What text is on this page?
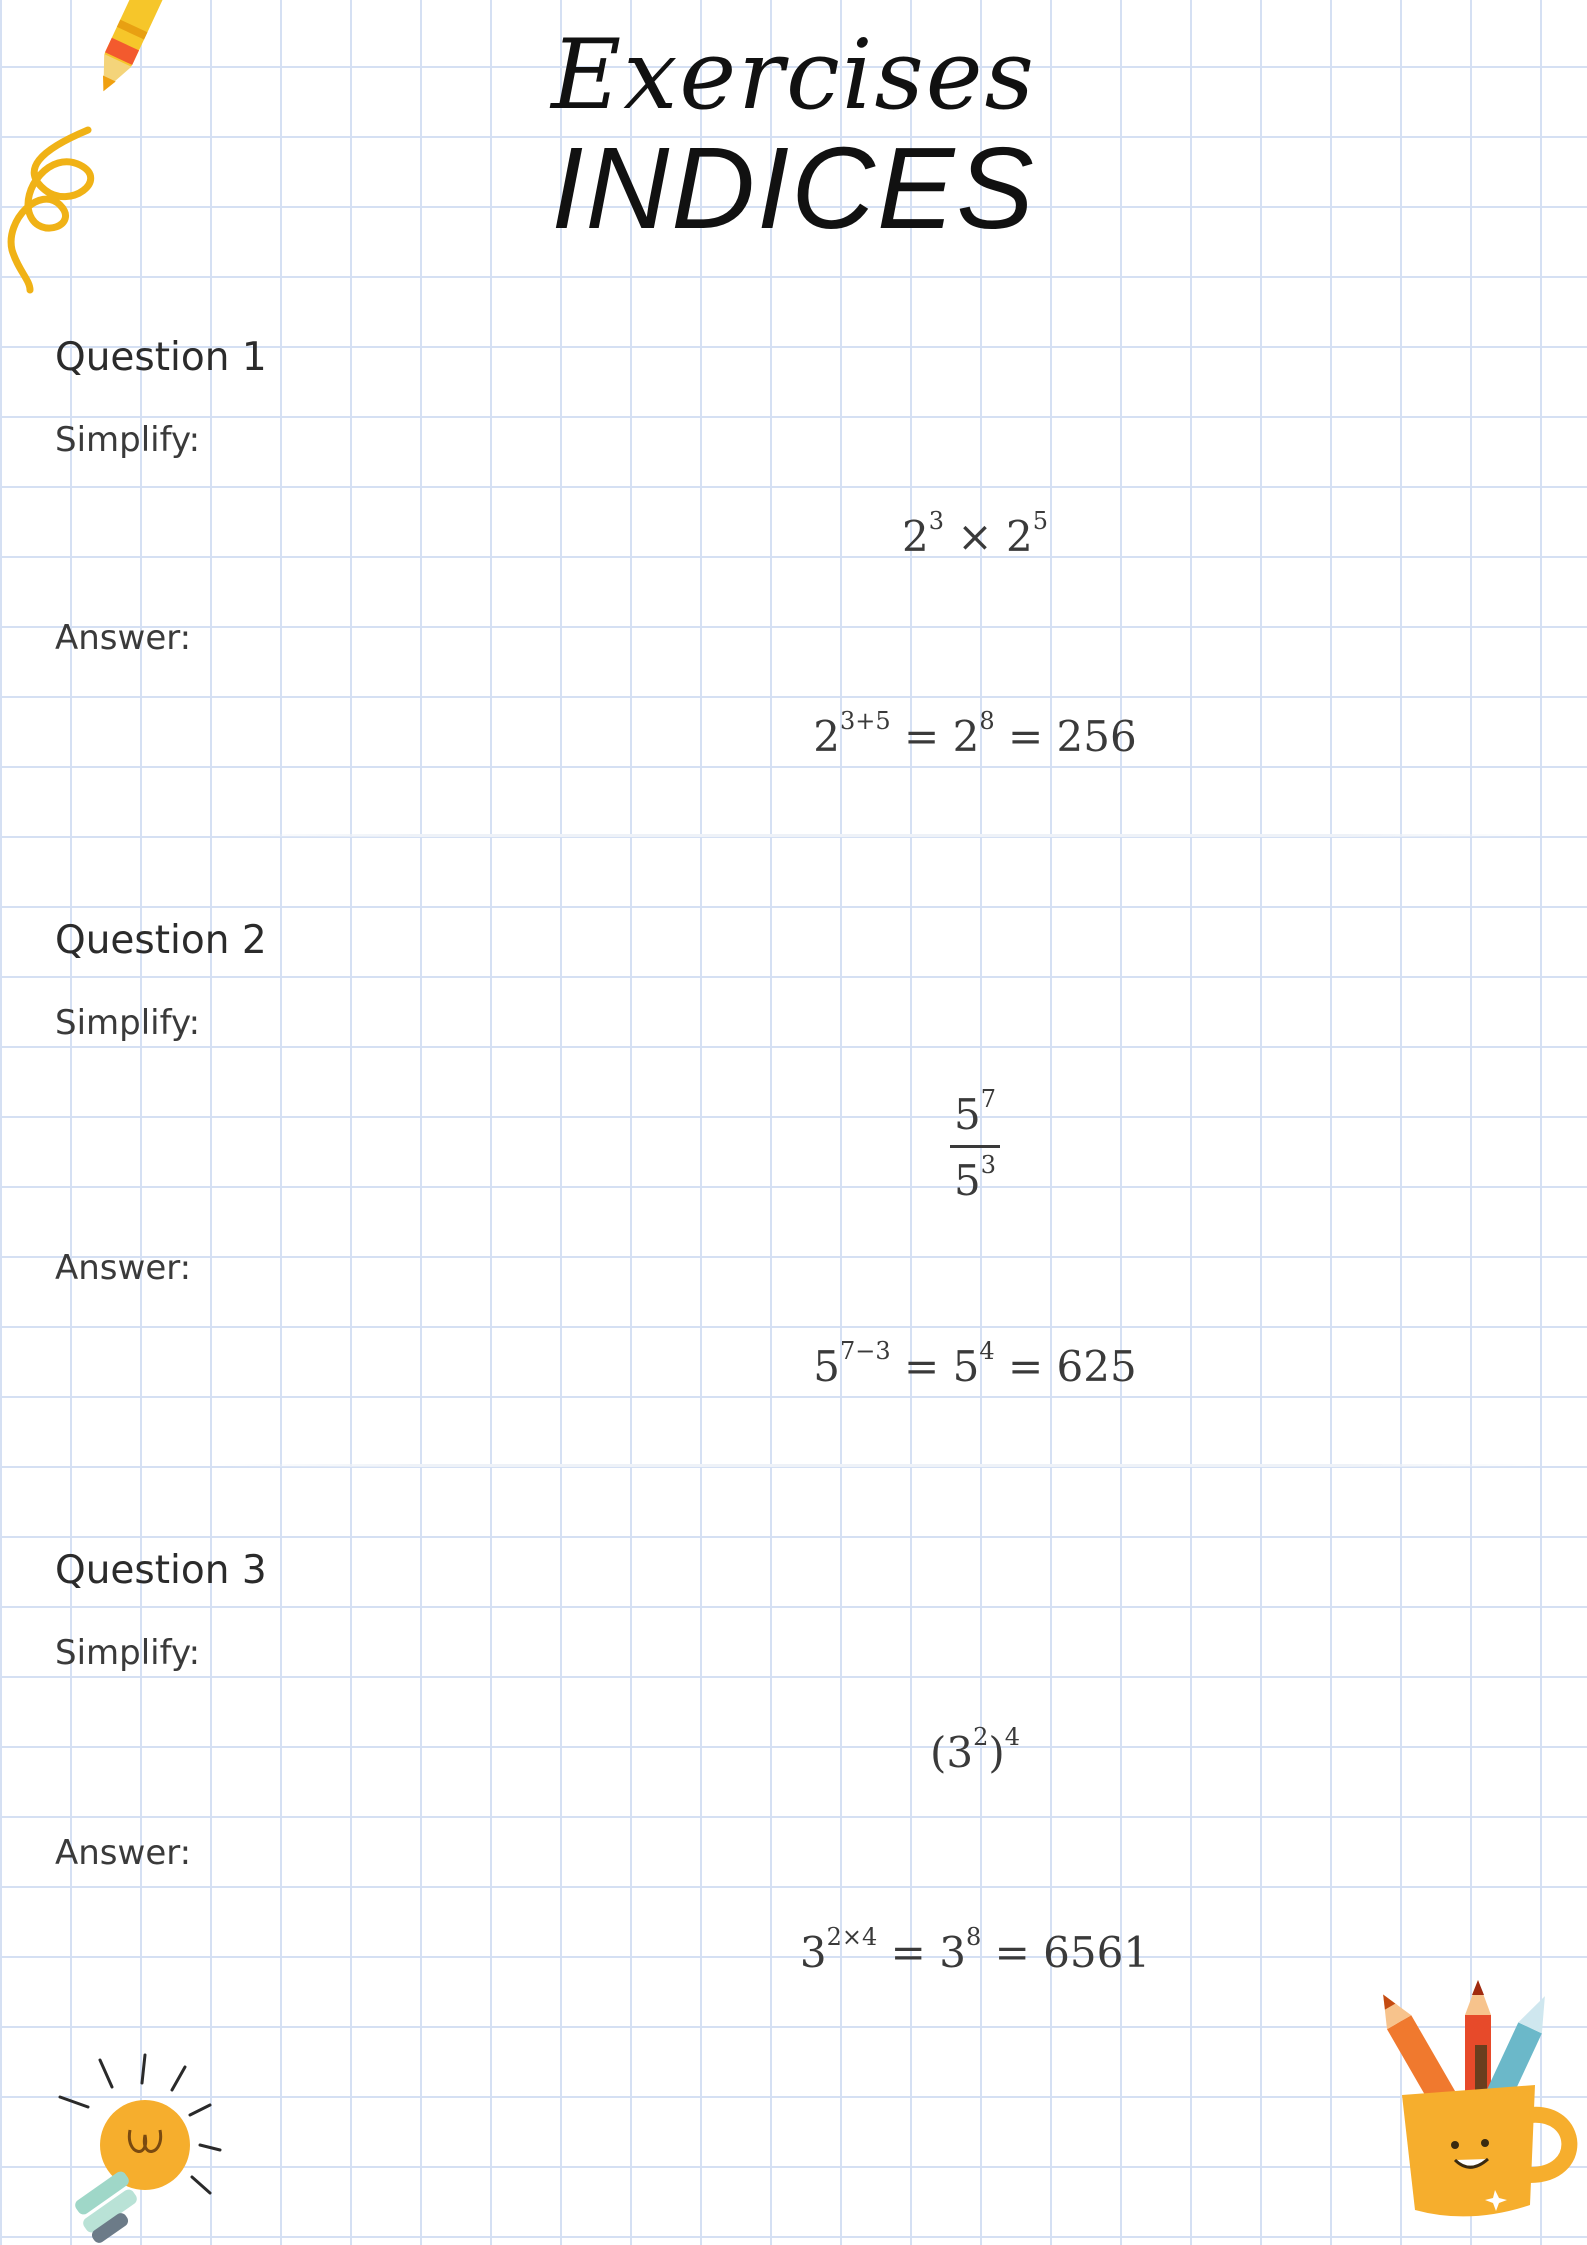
Exercises
INDICES
Question 1
Simplify:
$2^3 \times 2^5$
Answer:
$2^{3+5} = 2^8 = 256$
Question 2
Simplify:
$\frac{5^7}{5^3}$
Answer:
$5^{7-3} = 5^4 = 625$
Question 3
Simplify:
$(3^2)^4$
Answer:
$3^{2\times 4} = 3^8 = 6561$
